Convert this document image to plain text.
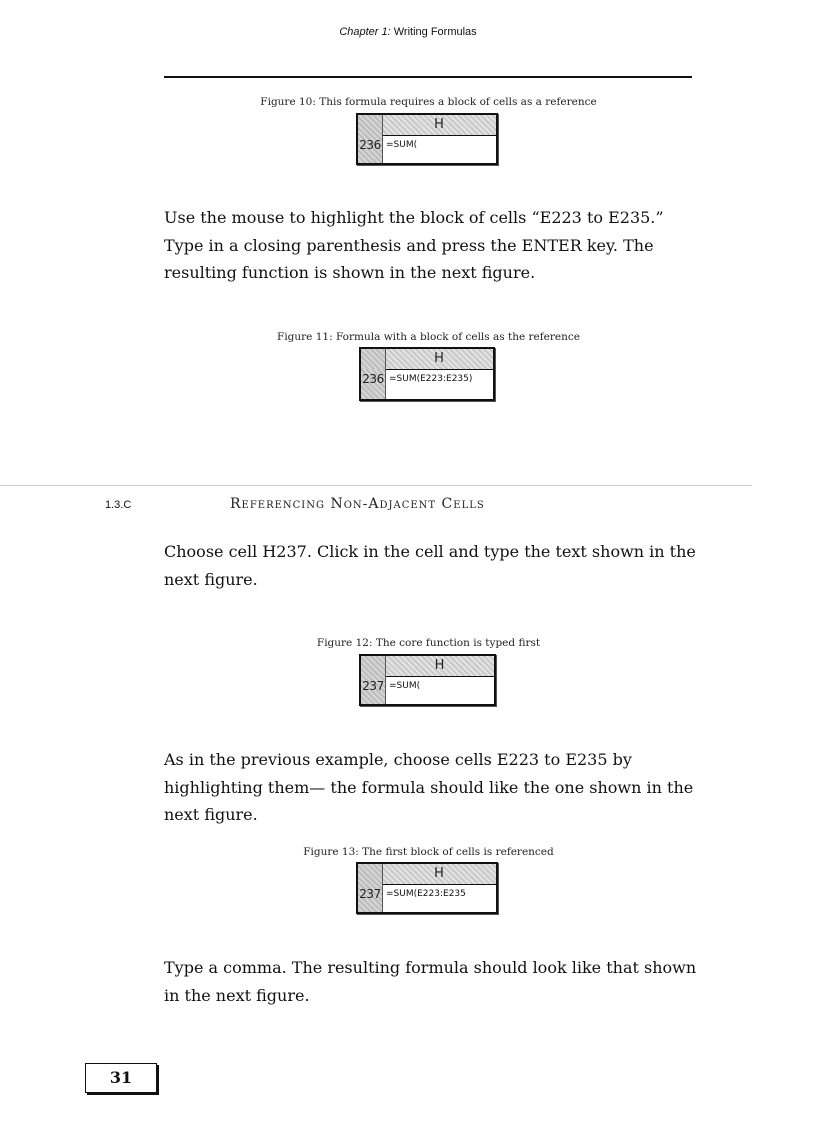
Chapter 1: Writing Formulas
Figure 10: This formula requires a block of cells as a reference
H
236 =SUM(
Use the mouse to highlight the block of cells “E223 to E235.” Type in a closing parenthesis and press the ENTER key. The resulting function is shown in the next figure.
Figure 11: Formula with a block of cells as the reference
H
236 =SUM(E223:E235)
1.3.C	Referencing Non-Adjacent Cells
Choose cell H237. Click in the cell and type the text shown in the next figure.
Figure 12: The core function is typed first
H
237 =SUM(
As in the previous example, choose cells E223 to E235 by highlighting them— the formula should like the one shown in the next figure.
Figure 13: The first block of cells is referenced
H
237 =SUM(E223:E235
Type a comma. The resulting formula should look like that shown in the next figure.
31
